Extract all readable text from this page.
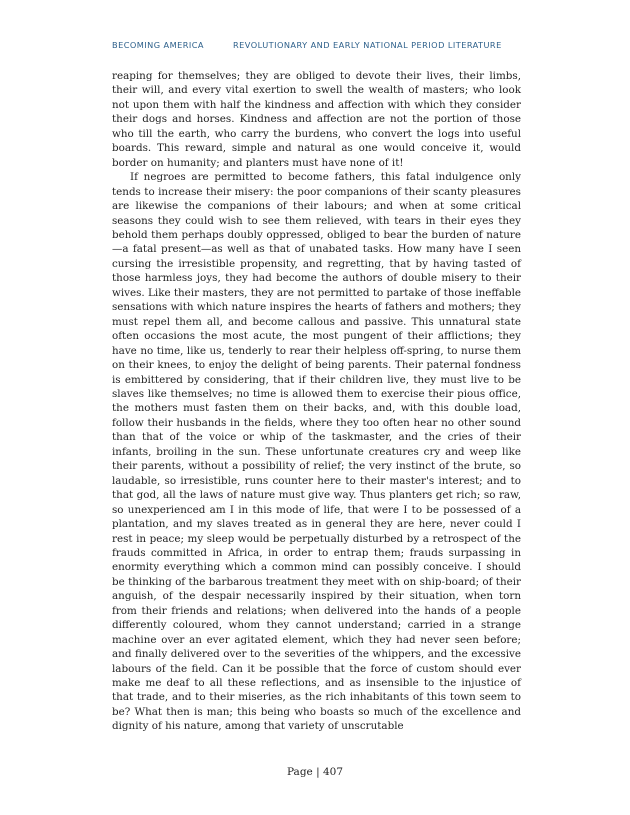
BECOMING AMERICA	REVOLUTIONARY AND EARLY NATIONAL PERIOD LITERATURE

reaping for themselves; they are obliged to devote their lives, their limbs, their will, and every vital exertion to swell the wealth of masters; who look not upon them with half the kindness and affection with which they consider their dogs and horses. Kindness and affection are not the portion of those who till the earth, who carry the burdens, who convert the logs into useful boards. This reward, simple and natural as one would conceive it, would border on humanity; and planters must have none of it!

If negroes are permitted to become fathers, this fatal indulgence only tends to increase their misery: the poor companions of their scanty pleasures are likewise the companions of their labours; and when at some critical seasons they could wish to see them relieved, with tears in their eyes they behold them perhaps doubly oppressed, obliged to bear the burden of nature—a fatal present—as well as that of unabated tasks. How many have I seen cursing the irresistible propensity, and regretting, that by having tasted of those harmless joys, they had become the authors of double misery to their wives. Like their masters, they are not permitted to partake of those ineffable sensations with which nature inspires the hearts of fathers and mothers; they must repel them all, and become callous and passive. This unnatural state often occasions the most acute, the most pungent of their afflictions; they have no time, like us, tenderly to rear their helpless off-spring, to nurse them on their knees, to enjoy the delight of being parents. Their paternal fondness is embittered by considering, that if their children live, they must live to be slaves like themselves; no time is allowed them to exercise their pious office, the mothers must fasten them on their backs, and, with this double load, follow their husbands in the fields, where they too often hear no other sound than that of the voice or whip of the taskmaster, and the cries of their infants, broiling in the sun. These unfortunate creatures cry and weep like their parents, without a possibility of relief; the very instinct of the brute, so laudable, so irresistible, runs counter here to their master's interest; and to that god, all the laws of nature must give way. Thus planters get rich; so raw, so unexperienced am I in this mode of life, that were I to be possessed of a plantation, and my slaves treated as in general they are here, never could I rest in peace; my sleep would be perpetually disturbed by a retrospect of the frauds committed in Africa, in order to entrap them; frauds surpassing in enormity everything which a common mind can possibly conceive. I should be thinking of the barbarous treatment they meet with on ship-board; of their anguish, of the despair necessarily inspired by their situation, when torn from their friends and relations; when delivered into the hands of a people differently coloured, whom they cannot understand; carried in a strange machine over an ever agitated element, which they had never seen before; and finally delivered over to the severities of the whippers, and the excessive labours of the field. Can it be possible that the force of custom should ever make me deaf to all these reflections, and as insensible to the injustice of that trade, and to their miseries, as the rich inhabitants of this town seem to be? What then is man; this being who boasts so much of the excellence and dignity of his nature, among that variety of unscrutable

Page | 407
